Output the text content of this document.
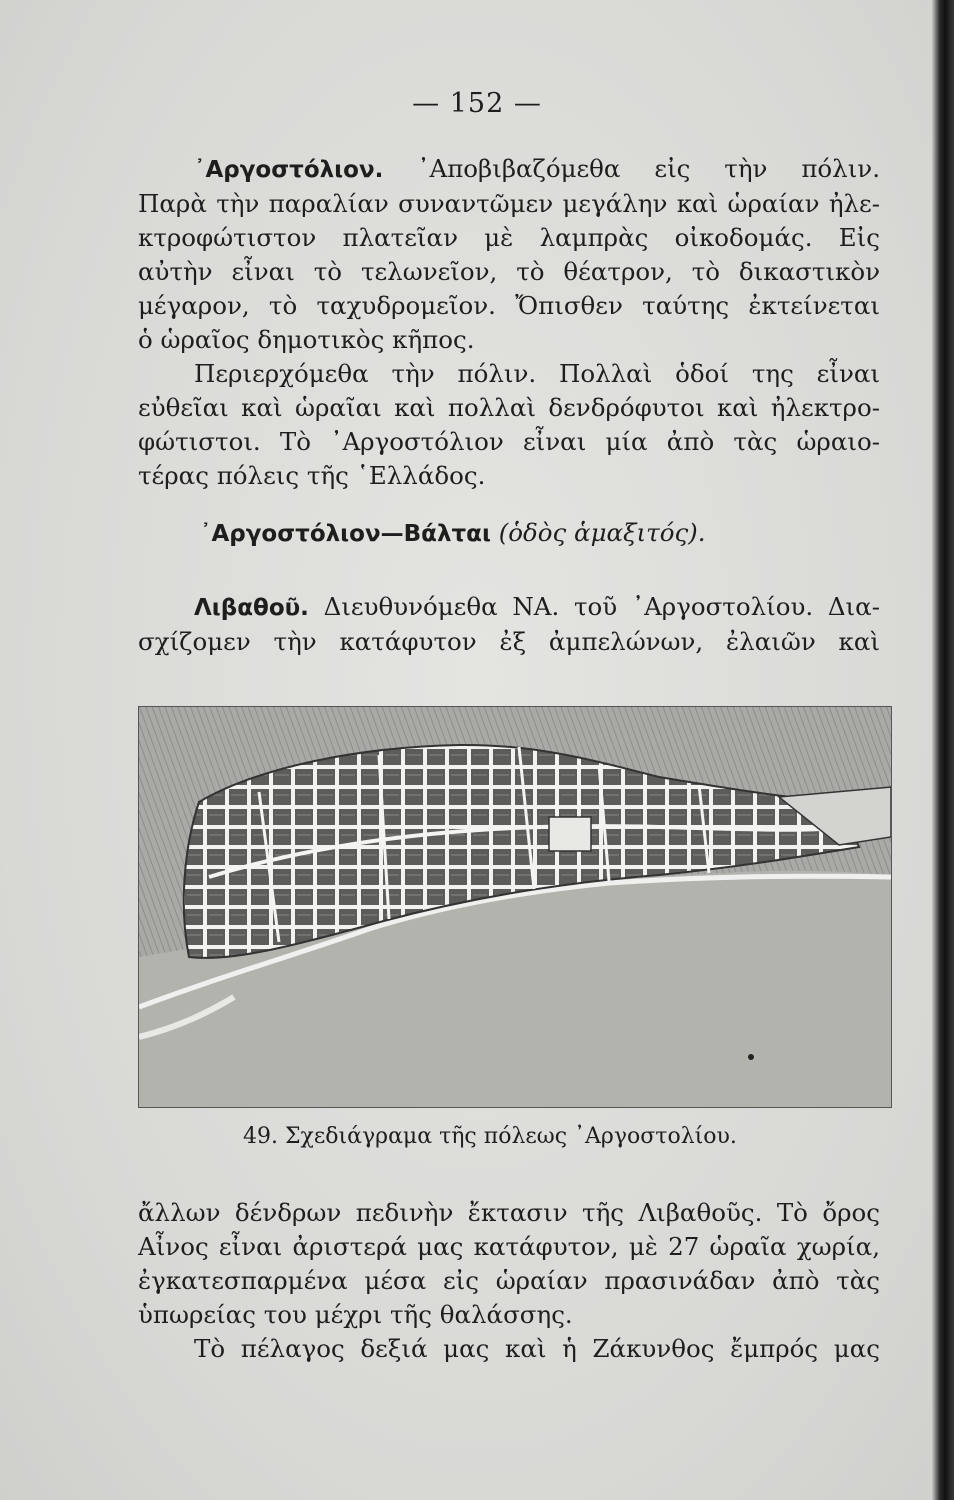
— 152 —
᾿Αργοστόλιον. ᾿Αποβιβαζόμεθα εἰς τὴν πόλιν.
Παρὰ τὴν παραλίαν συναντῶμεν μεγάλην καὶ ὡραίαν ἠλε-
κτροφώτιστον πλατεῖαν μὲ λαμπρὰς οἰκοδομάς. Εἰς
αὐτὴν εἶναι τὸ τελωνεῖον, τὸ θέατρον, τὸ δικαστικὸν
μέγαρον, τὸ ταχυδρομεῖον. Ὄπισθεν ταύτης ἐκτείνεται
ὁ ὡραῖος δημοτικὸς κῆπος.
Περιερχόμεθα τὴν πόλιν. Πολλαὶ ὁδοί της εἶναι
εὐθεῖαι καὶ ὡραῖαι καὶ πολλαὶ δενδρόφυτοι καὶ ἠλεκτρο-
φώτιστοι. Τὸ ᾿Αργοστόλιον εἶναι μία ἀπὸ τὰς ὡραιο-
τέρας πόλεις τῆς ῾Ελλάδος.
᾿Αργοστόλιον—Βάλται (ὁδὸς ἁμαξιτός).
Λιβαθοῦ. Διευθυνόμεθα ΝΑ. τοῦ ᾿Αργοστολίου. Δια-
σχίζομεν τὴν κατάφυτον ἐξ ἀμπελώνων, ἐλαιῶν καὶ
49. Σχεδιάγραμα τῆς πόλεως ᾿Αργοστολίου.
ἄλλων δένδρων πεδινὴν ἔκτασιν τῆς Λιβαθοῦς. Τὸ ὄρος
Αἶνος εἶναι ἀριστερά μας κατάφυτον, μὲ 27 ὡραῖα χωρία,
ἐγκατεσπαρμένα μέσα εἰς ὡραίαν πρασινάδαν ἀπὸ τὰς
ὑπωρείας του μέχρι τῆς θαλάσσης.
Τὸ πέλαγος δεξιά μας καὶ ἡ Ζάκυνθος ἔμπρός μας
